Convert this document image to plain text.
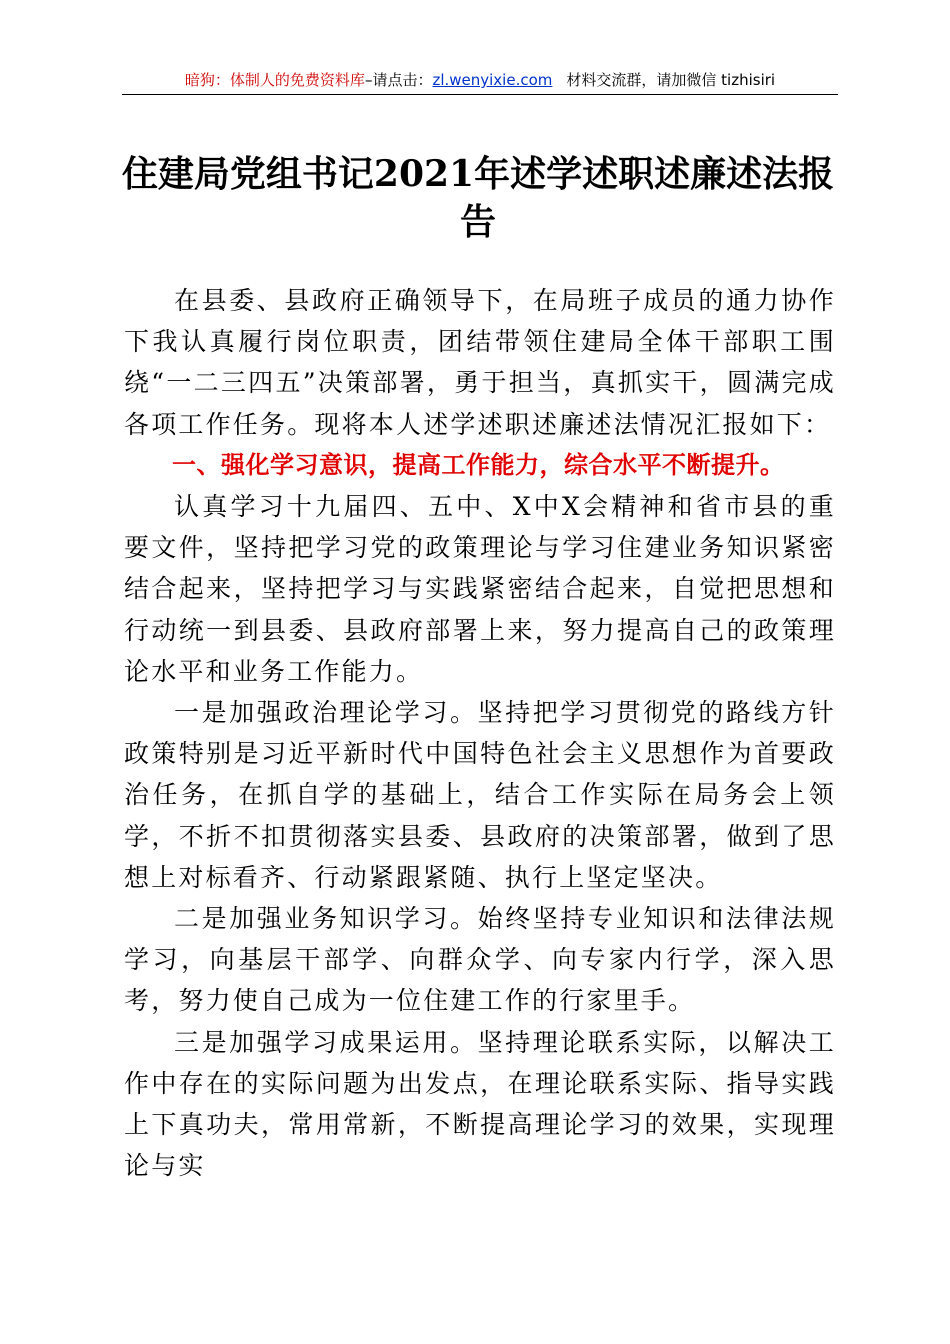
暗狗：体制人的免费资料库–请点击：zl.wenyixie.com 材料交流群，请加微信 tizhisiri
住建局党组书记2021年述学述职述廉述法报告

在县委、县政府正确领导下，在局班子成员的通力协作下我认真履行岗位职责，团结带领住建局全体干部职工围绕“一二三四五”决策部署，勇于担当，真抓实干，圆满完成各项工作任务。现将本人述学述职述廉述法情况汇报如下：

一、强化学习意识，提高工作能力，综合水平不断提升。

认真学习十九届四、五中、X中X会精神和省市县的重要文件，坚持把学习党的政策理论与学习住建业务知识紧密结合起来，坚持把学习与实践紧密结合起来，自觉把思想和行动统一到县委、县政府部署上来，努力提高自己的政策理论水平和业务工作能力。

一是加强政治理论学习。坚持把学习贯彻党的路线方针政策特别是习近平新时代中国特色社会主义思想作为首要政治任务，在抓自学的基础上，结合工作实际在局务会上领学，不折不扣贯彻落实县委、县政府的决策部署，做到了思想上对标看齐、行动紧跟紧随、执行上坚定坚决。

二是加强业务知识学习。始终坚持专业知识和法律法规学习，向基层干部学、向群众学、向专家内行学，深入思考，努力使自己成为一位住建工作的行家里手。

三是加强学习成果运用。坚持理论联系实际，以解决工作中存在的实际问题为出发点，在理论联系实际、指导实践上下真功夫，常用常新，不断提高理论学习的效果，实现理论与实
